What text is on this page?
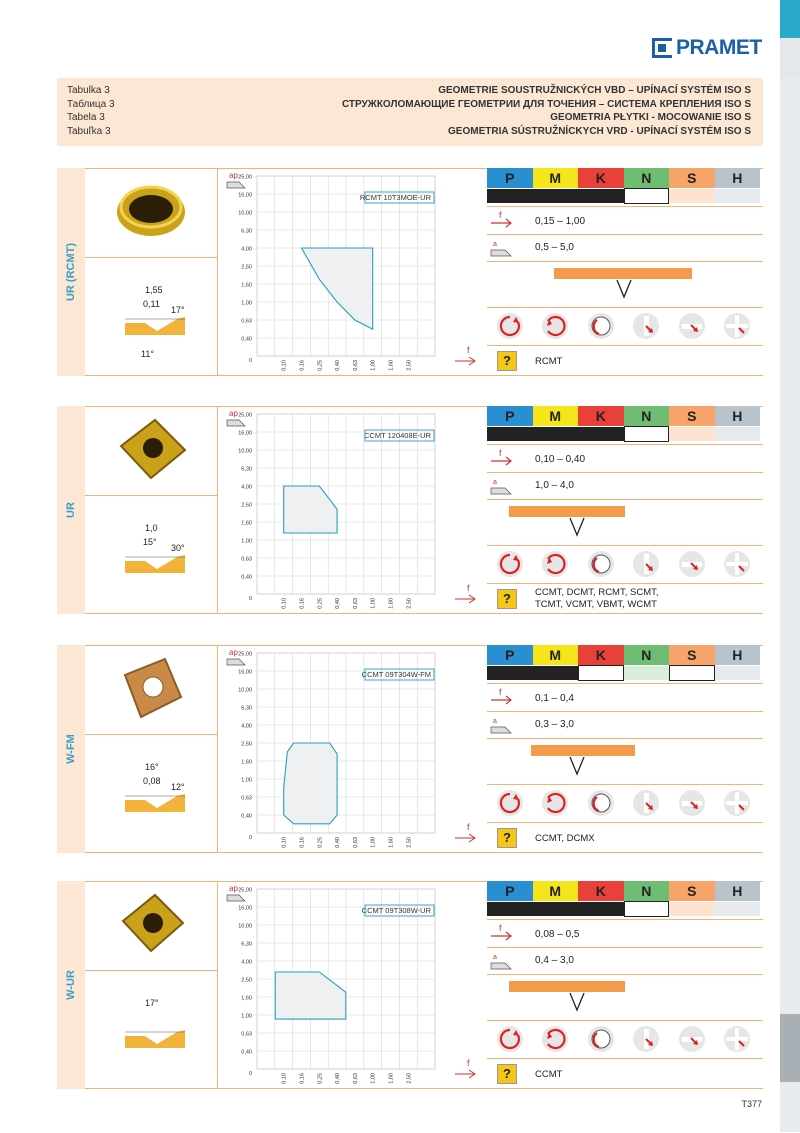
PRAMET
Tabulka 3
Таблица 3
Tabela 3
Tabuľka 3
GEOMETRIE SOUSTRUŽNICKÝCH VBD – UPÍNACÍ SYSTÉM ISO S
СТРУЖКОЛОМАЮЩИЕ ГЕОМЕТРИИ ДЛЯ ТОЧЕНИЯ – СИСТЕМА КРЕПЛЕНИЯ ISO S
GEOMETRIA PŁYTKI - MOCOWANIE ISO S
GEOMETRIA SÚSTRUŽNÍCKYCH VRD - UPÍNACÍ SYSTÉM ISO S
UR (RCMT)	1,55
0,11
17°
11°
ap 25,00
16,00
10,00
6,30
4,00
2,50
1,60
1,00
0,63
0,40
0	0,10 0,16 0,25 0,40 0,63 1,00 1,60 2,50
RCMT 10T3MOE-UR
f
P	M	K	N	S	H
f
0,15 – 1,00
a	0,5 – 5,0
?	RCMT
UR
1,0
15°
30°
ap 25,00
16,00
10,00
6,30
4,00
2,50
1,60
1,00
0,63
0,40
0	0,10 0,16 0,25 0,40 0,63 1,00 1,60 2,50
CCMT 120408E-UR
f
P	M	K	N	S	H
f
0,10 – 0,40
a	1,0 – 4,0
?	CCMT, DCMT, RCMT, SCMT,
TCMT, VCMT, VBMT, WCMT
W-FM
16°
0,08
12°
ap 25,00
16,00
10,00
6,30
4,00
2,50
1,60
1,00
0,63
0,40
0	0,10 0,16 0,25 0,40 0,63 1,00 1,60 2,50
CCMT 09T304W-FM
f
P	M	K	N	S	H
f
0,1 – 0,4
a	0,3 – 3,0
?	CCMT, DCMX
W-UR
17°
ap 25,00
16,00
10,00
6,30
4,00
2,50
1,60
1,00
0,63
0,40
0	0,10 0,16 0,25 0,40 0,63 1,00 1,60 2,50
CCMT 09T308W-UR
f
P	M	K	N	S	H
f
0,08 – 0,5
a	0,4 – 3,0
?	CCMT
T377
